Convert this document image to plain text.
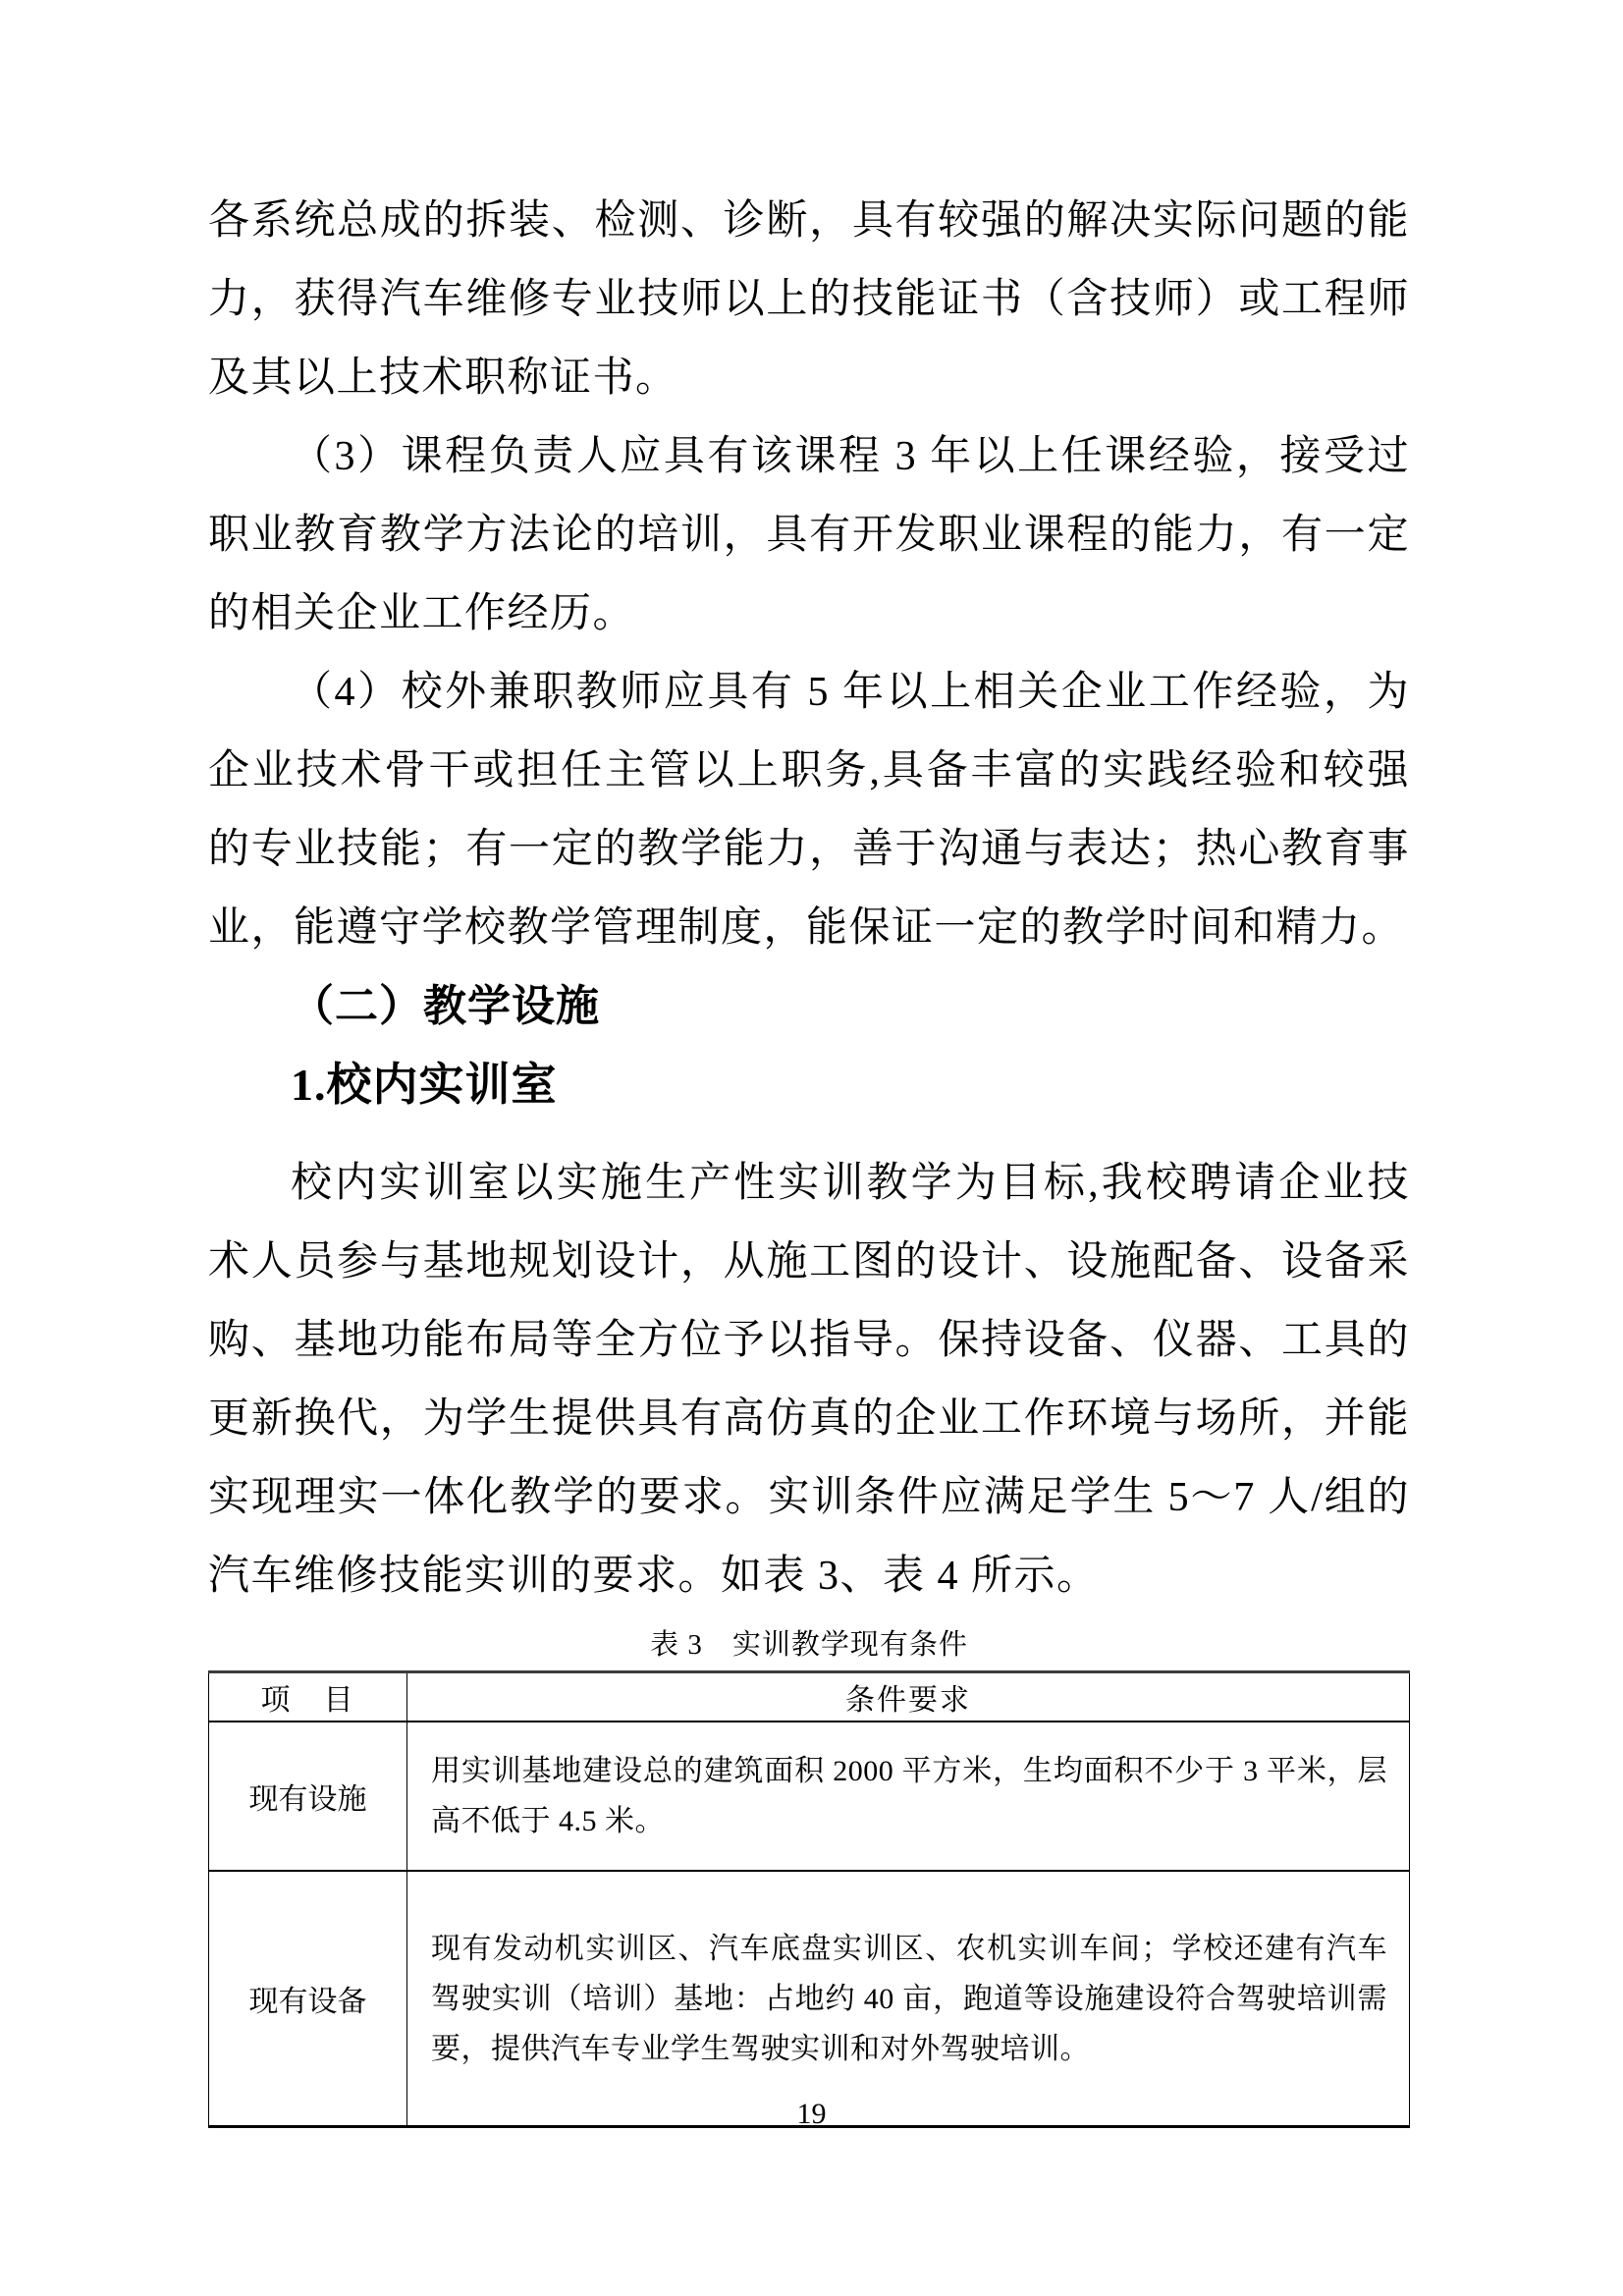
各系统总成的拆装、检测、诊断，具有较强的解决实际问题的能力，获得汽车维修专业技师以上的技能证书（含技师）或工程师及其以上技术职称证书。

（3）课程负责人应具有该课程 3 年以上任课经验，接受过职业教育教学方法论的培训，具有开发职业课程的能力，有一定的相关企业工作经历。

（4）校外兼职教师应具有 5 年以上相关企业工作经验，为企业技术骨干或担任主管以上职务,具备丰富的实践经验和较强的专业技能；有一定的教学能力，善于沟通与表达；热心教育事业，能遵守学校教学管理制度，能保证一定的教学时间和精力。

（二）教学设施
1.校内实训室

校内实训室以实施生产性实训教学为目标,我校聘请企业技术人员参与基地规划设计，从施工图的设计、设施配备、设备采购、基地功能布局等全方位予以指导。保持设备、仪器、工具的更新换代，为学生提供具有高仿真的企业工作环境与场所，并能实现理实一体化教学的要求。实训条件应满足学生 5～7 人/组的汽车维修技能实训的要求。如表 3、表 4 所示。

表 3　实训教学现有条件
项　目	条件要求
现有设施	用实训基地建设总的建筑面积 2000 平方米，生均面积不少于 3 平米，层高不低于 4.5 米。
现有设备	现有发动机实训区、汽车底盘实训区、农机实训车间；学校还建有汽车驾驶实训（培训）基地：占地约 40 亩，跑道等设施建设符合驾驶培训需要，提供汽车专业学生驾驶实训和对外驾驶培训。
19
